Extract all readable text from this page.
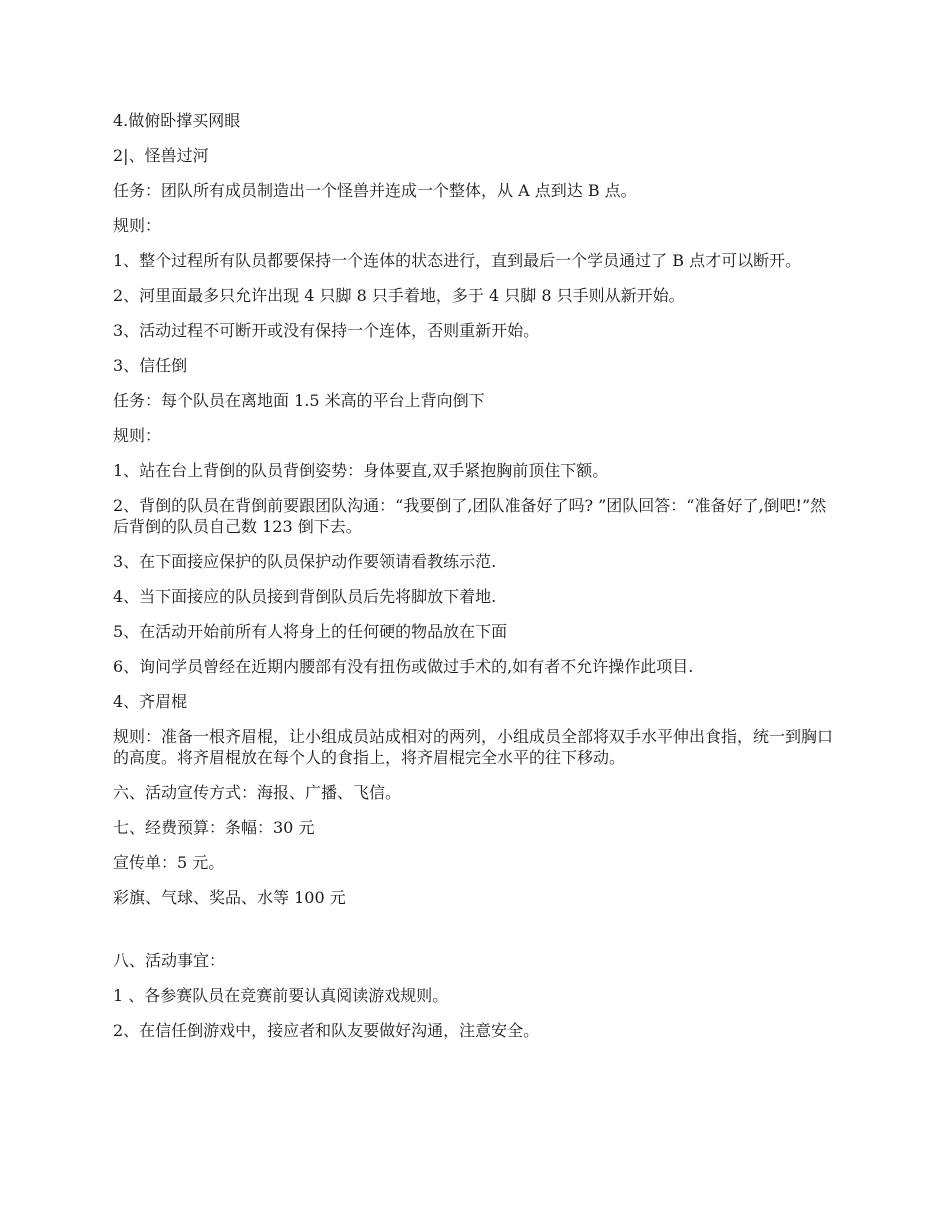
4.做俯卧撑买网眼

2|、怪兽过河

任务：团队所有成员制造出一个怪兽并连成一个整体，从 A 点到达 B 点。

规则：

1、整个过程所有队员都要保持一个连体的状态进行，直到最后一个学员通过了 B 点才可以断开。

2、河里面最多只允许出现 4 只脚 8 只手着地，多于 4 只脚 8 只手则从新开始。

3、活动过程不可断开或没有保持一个连体，否则重新开始。

3、信任倒

任务：每个队员在离地面 1.5 米高的平台上背向倒下

规则：

1、站在台上背倒的队员背倒姿势：身体要直,双手紧抱胸前顶住下额。

2、背倒的队员在背倒前要跟团队沟通：“我要倒了,团队准备好了吗? ”团队回答：“准备好了,倒吧!”然后背倒的队员自己数 123 倒下去。

3、在下面接应保护的队员保护动作要领请看教练示范.

4、当下面接应的队员接到背倒队员后先将脚放下着地.

5、在活动开始前所有人将身上的任何硬的物品放在下面

6、询问学员曾经在近期内腰部有没有扭伤或做过手术的,如有者不允许操作此项目.

4、齐眉棍

规则：准备一根齐眉棍，让小组成员站成相对的两列，小组成员全部将双手水平伸出食指，统一到胸口的高度。将齐眉棍放在每个人的食指上，将齐眉棍完全水平的往下移动。

六、活动宣传方式：海报、广播、飞信。

七、经费预算：条幅：30 元

宣传单：5 元。

彩旗、气球、奖品、水等 100 元

八、活动事宜：

1 、各参赛队员在竞赛前要认真阅读游戏规则。

2、在信任倒游戏中，接应者和队友要做好沟通，注意安全。
